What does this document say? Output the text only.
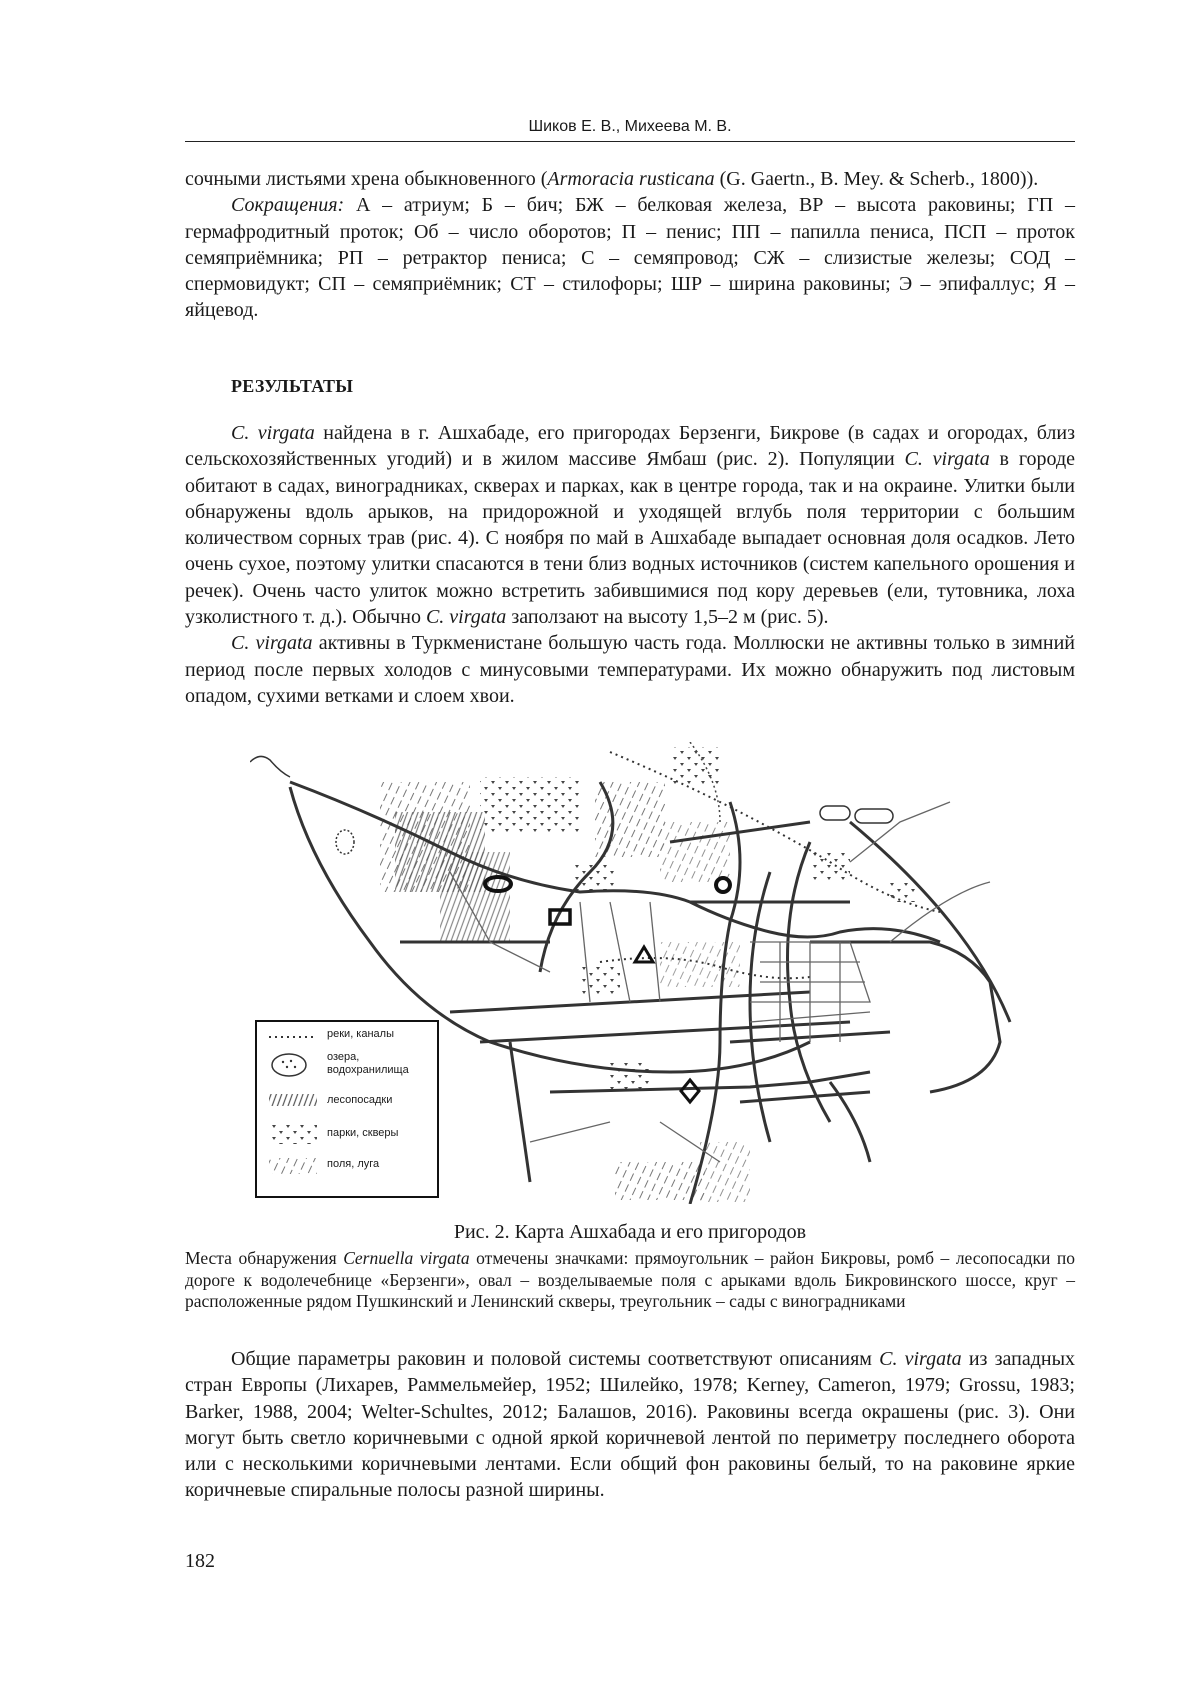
Шиков Е. В., Михеева М. В.

сочными листьями хрена обыкновенного (Armoracia rusticana (G. Gaertn., B. Mey. & Scherb., 1800)).

Сокращения: А – атриум; Б – бич; БЖ – белковая железа, ВР – высота раковины; ГП – гермафродитный проток; Об – число оборотов; П – пенис; ПП – папилла пениса, ПСП – проток семяприёмника; РП – ретрактор пениса; С – семяпровод; СЖ – слизистые железы; СОД – спермовидукт; СП – семяприёмник; СТ – стилофоры; ШР – ширина раковины; Э – эпифаллус; Я – яйцевод.

РЕЗУЛЬТАТЫ

C. virgata найдена в г. Ашхабаде, его пригородах Берзенги, Бикрове (в садах и огородах, близ сельскохозяйственных угодий) и в жилом массиве Ямбаш (рис. 2). Популяции C. virgata в городе обитают в садах, виноградниках, скверах и парках, как в центре города, так и на окраине. Улитки были обнаружены вдоль арыков, на придорожной и уходящей вглубь поля территории с большим количеством сорных трав (рис. 4). С ноября по май в Ашхабаде выпадает основная доля осадков. Лето очень сухое, поэтому улитки спасаются в тени близ водных источников (систем капельного орошения и речек). Очень часто улиток можно встретить забившимися под кору деревьев (ели, тутовника, лоха узколистного т. д.). Обычно C. virgata заползают на высоту 1,5–2 м (рис. 5).

C. virgata активны в Туркменистане большую часть года. Моллюски не активны только в зимний период после первых холодов с минусовыми температурами. Их можно обнаружить под листовым опадом, сухими ветками и слоем хвои.

реки, каналы
озера,
водохранилища
лесопосадки
парки, скверы
поля, луга
Рис. 2. Карта Ашхабада и его пригородов

Места обнаружения Cernuella virgata отмечены значками: прямоугольник – район Бикровы, ромб – лесопосадки по дороге к водолечебнице «Берзенги», овал – возделываемые поля с арыками вдоль Бикровинского шоссе, круг – расположенные рядом Пушкинский и Ленинский скверы, треугольник – сады с виноградниками

Общие параметры раковин и половой системы соответствуют описаниям C. virgata из западных стран Европы (Лихарев, Раммельмейер, 1952; Шилейко, 1978; Kerney, Cameron, 1979; Grossu, 1983; Barker, 1988, 2004; Welter-Schultes, 2012; Балашов, 2016). Раковины всегда окрашены (рис. 3). Они могут быть светло коричневыми с одной яркой коричневой лентой по периметру последнего оборота или с несколькими коричневыми лентами. Если общий фон раковины белый, то на раковине яркие коричневые спиральные полосы разной ширины.

182
